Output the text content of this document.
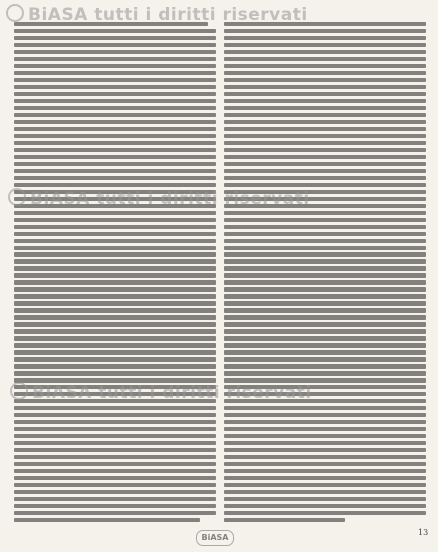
BiASA tutti i diritti riservati
BiASA tutti i diritti riservati
BiASA tutti i diritti riservati
BiASA
13
